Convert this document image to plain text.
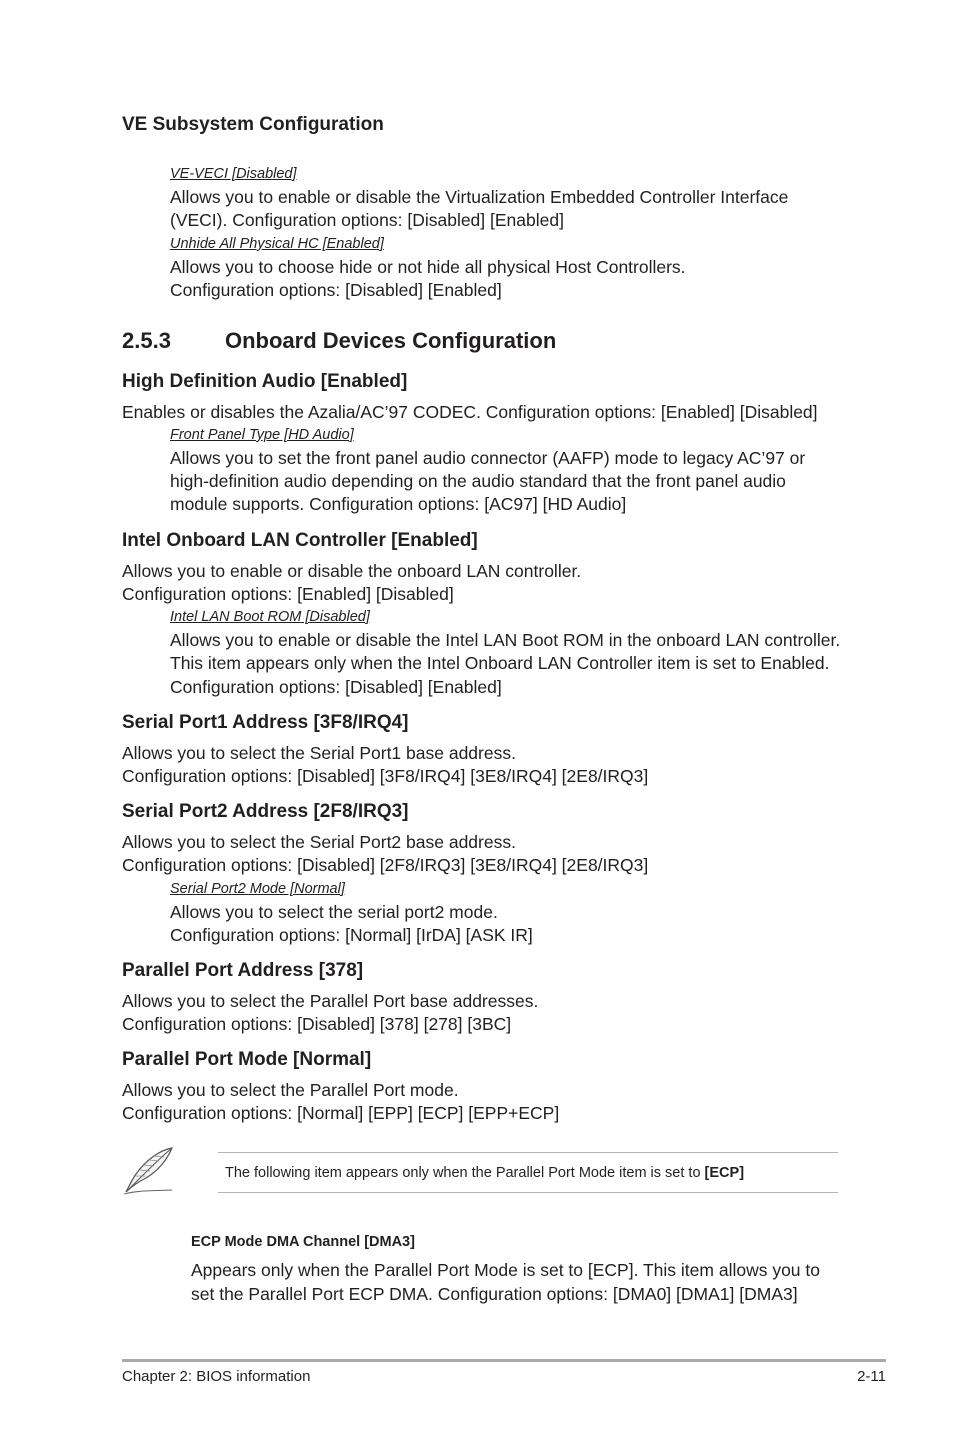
VE Subsystem Configuration
VE-VECI [Disabled]
Allows you to enable or disable the Virtualization Embedded Controller Interface
(VECI). Configuration options: [Disabled] [Enabled]
Unhide All Physical HC [Enabled]
Allows you to choose hide or not hide all physical Host Controllers.
Configuration options: [Disabled] [Enabled]
2.5.3 Onboard Devices Configuration
High Definition Audio [Enabled]
Enables or disables the Azalia/AC’97 CODEC. Configuration options: [Enabled] [Disabled]
Front Panel Type [HD Audio]
Allows you to set the front panel audio connector (AAFP) mode to legacy AC’97 or
high-definition audio depending on the audio standard that the front panel audio
module supports. Configuration options: [AC97] [HD Audio]
Intel Onboard LAN Controller [Enabled]
Allows you to enable or disable the onboard LAN controller.
Configuration options: [Enabled] [Disabled]
Intel LAN Boot ROM [Disabled]
Allows you to enable or disable the Intel LAN Boot ROM in the onboard LAN controller.
This item appears only when the Intel Onboard LAN Controller item is set to Enabled.
Configuration options: [Disabled] [Enabled]
Serial Port1 Address [3F8/IRQ4]
Allows you to select the Serial Port1 base address.
Configuration options: [Disabled] [3F8/IRQ4] [3E8/IRQ4] [2E8/IRQ3]
Serial Port2 Address [2F8/IRQ3]
Allows you to select the Serial Port2 base address.
Configuration options: [Disabled] [2F8/IRQ3] [3E8/IRQ4] [2E8/IRQ3]
Serial Port2 Mode [Normal]
Allows you to select the serial port2 mode.
Configuration options: [Normal] [IrDA] [ASK IR]
Parallel Port Address [378]
Allows you to select the Parallel Port base addresses.
Configuration options: [Disabled] [378] [278] [3BC]
Parallel Port Mode [Normal]
Allows you to select the Parallel Port mode.
Configuration options: [Normal] [EPP] [ECP] [EPP+ECP]
The following item appears only when the Parallel Port Mode item is set to [ECP]
ECP Mode DMA Channel [DMA3]
Appears only when the Parallel Port Mode is set to [ECP]. This item allows you to
set the Parallel Port ECP DMA. Configuration options: [DMA0] [DMA1] [DMA3]
Chapter 2: BIOS information	2-11
